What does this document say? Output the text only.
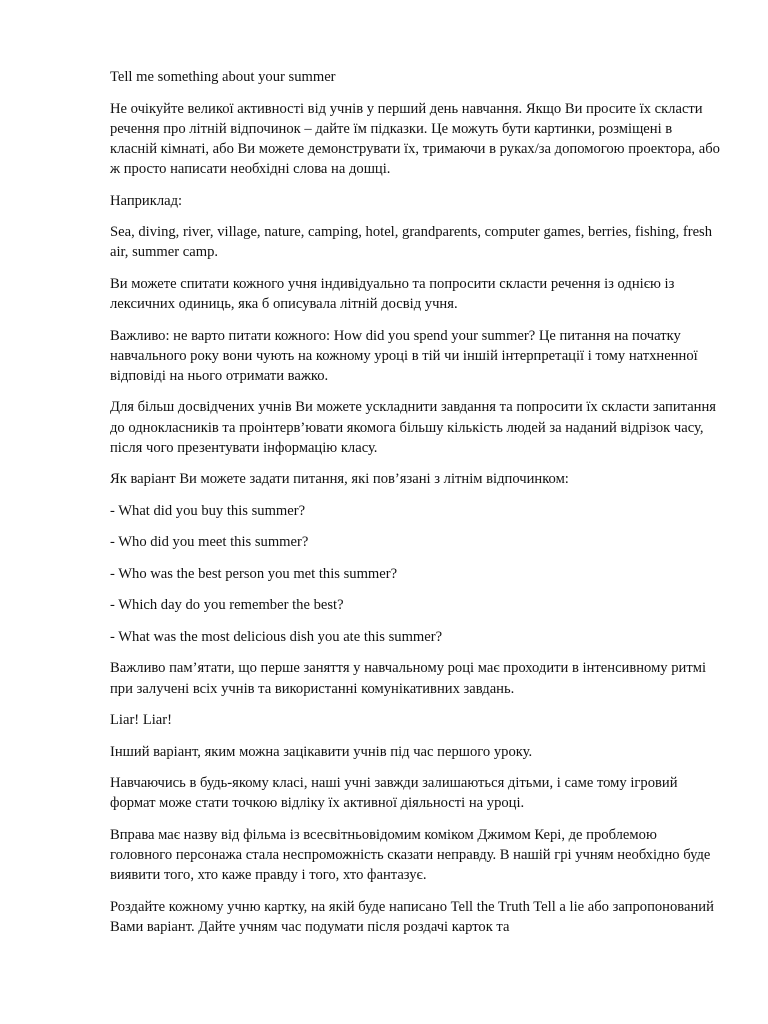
Tell me something about your summer

Не очікуйте великої активності від учнів у перший день навчання. Якщо Ви просите їх скласти речення про літній відпочинок – дайте їм підказки. Це можуть бути картинки, розміщені в класній кімнаті, або Ви можете демонструвати їх, тримаючи в руках/за допомогою проектора, або ж просто написати необхідні слова на дошці.

Наприклад:

Sea, diving, river, village, nature, camping, hotel, grandparents, computer games, berries, fishing, fresh air, summer camp.

Ви можете спитати кожного учня індивідуально та попросити скласти речення із однією із лексичних одиниць, яка б описувала літній досвід учня.

Важливо: не варто питати кожного: How did you spend your summer? Це питання на початку навчального року вони чують на кожному уроці в тій чи іншій інтерпретації і тому натхненної відповіді на нього отримати важко.

Для більш досвідчених учнів Ви можете ускладнити завдання та попросити їх скласти запитання до однокласників та проінтерв’ювати якомога більшу кількість людей за наданий відрізок часу, після чого презентувати інформацію класу.

Як варіант Ви можете задати питання, які пов’язані з літнім відпочинком:

- What did you buy this summer?

- Who did you meet this summer?

- Who was the best person you met this summer?

- Which day do you remember the best?

- What was the most delicious dish you ate this summer?

Важливо пам’ятати, що перше заняття у навчальному році має проходити в інтенсивному ритмі при залучені всіх учнів та використанні комунікативних завдань.

Liar! Liar!

Інший варіант, яким можна зацікавити учнів під час першого уроку.

Навчаючись в будь-якому класі, наші учні завжди залишаються дітьми, і саме тому ігровий формат може стати точкою відліку їх активної діяльності на уроці.

Вправа має назву від фільма із всесвітньовідомим коміком Джимом Кері, де проблемою головного персонажа стала неспроможність сказати неправду. В нашій грі учням необхідно буде виявити того, хто каже правду і того, хто фантазує.

Роздайте кожному учню картку, на якій буде написано Tell the Truth Tell a lie або запропонований Вами варіант. Дайте учням час подумати після роздачі карток та
